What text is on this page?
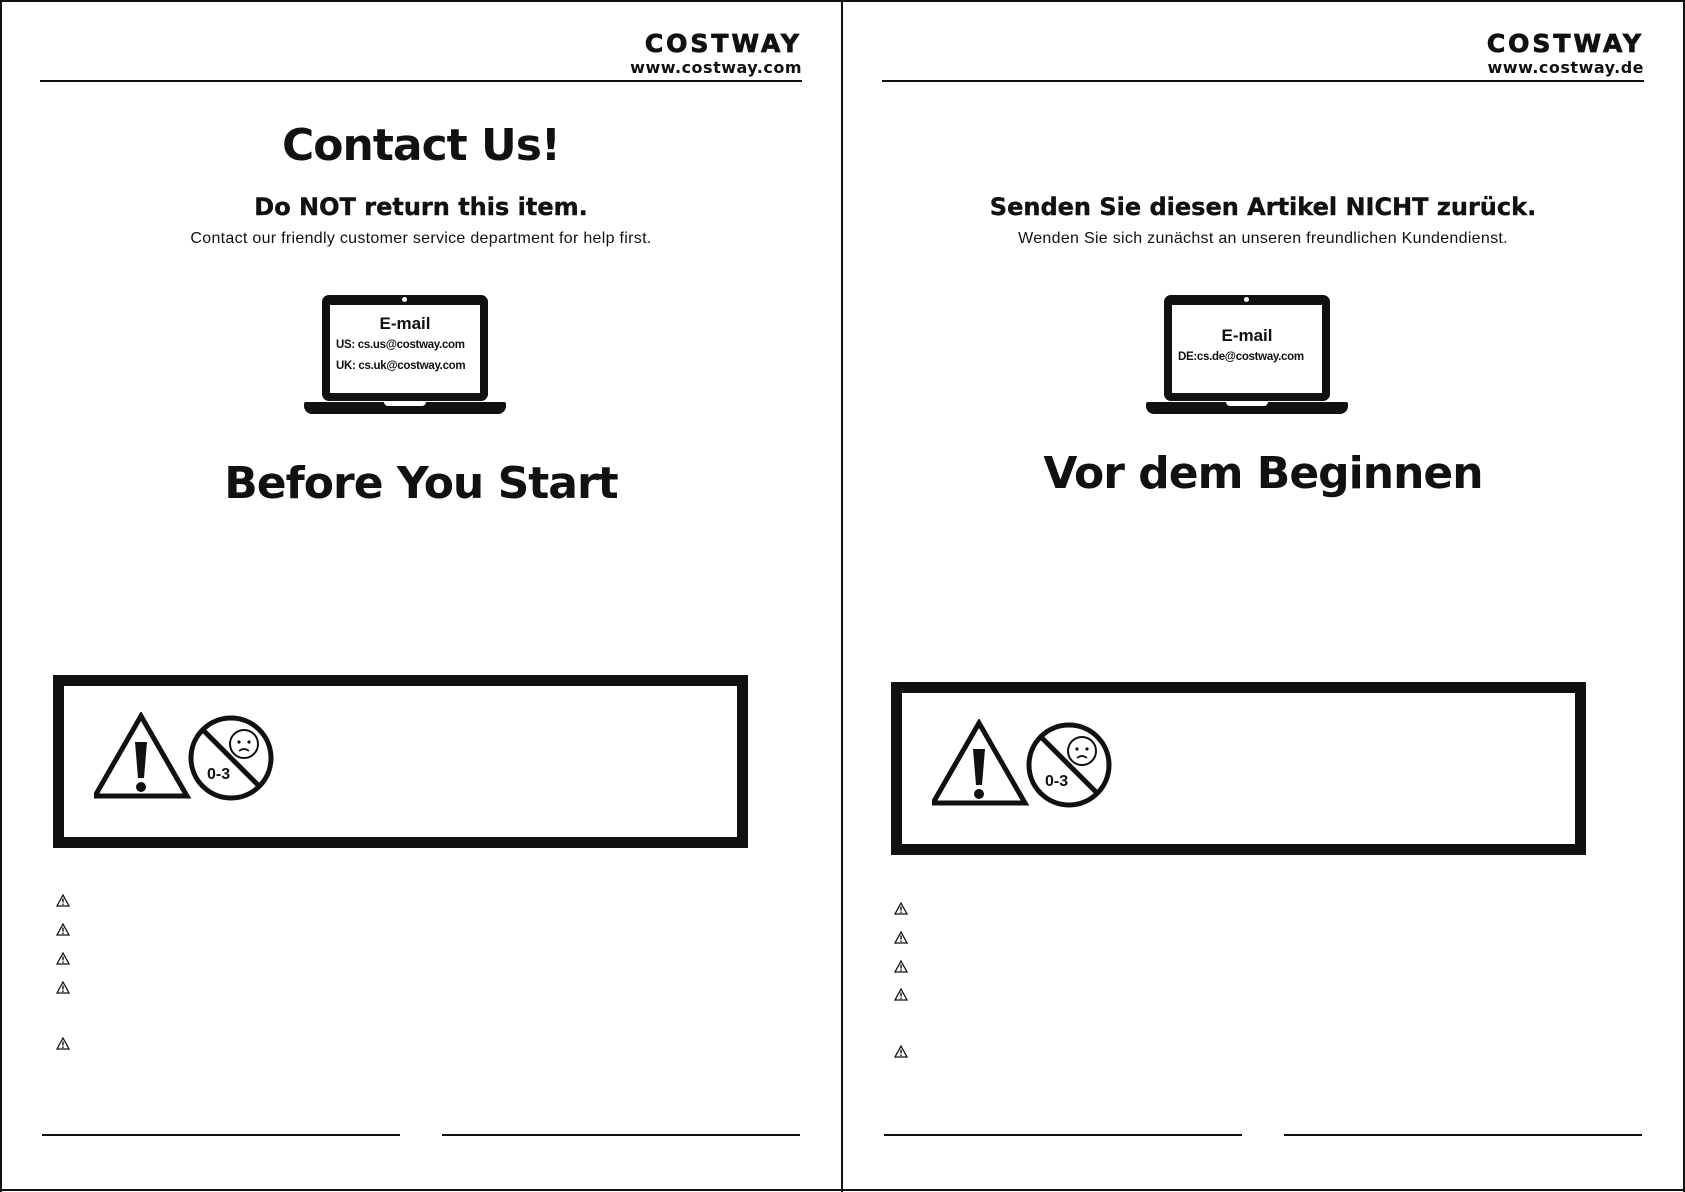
COSTWAY
www.costway.com
Contact Us!
Do NOT return this item.
Contact our friendly customer service department for help first.
E-mail
US: cs.us@costway.com
UK: cs.uk@costway.com
Before You Start
0-3
COSTWAY
www.costway.de
Senden Sie diesen Artikel NICHT zurück.
Wenden Sie sich zunächst an unseren freundlichen Kundendienst.
E-mail
DE:cs.de@costway.com
Vor dem Beginnen
0-3
